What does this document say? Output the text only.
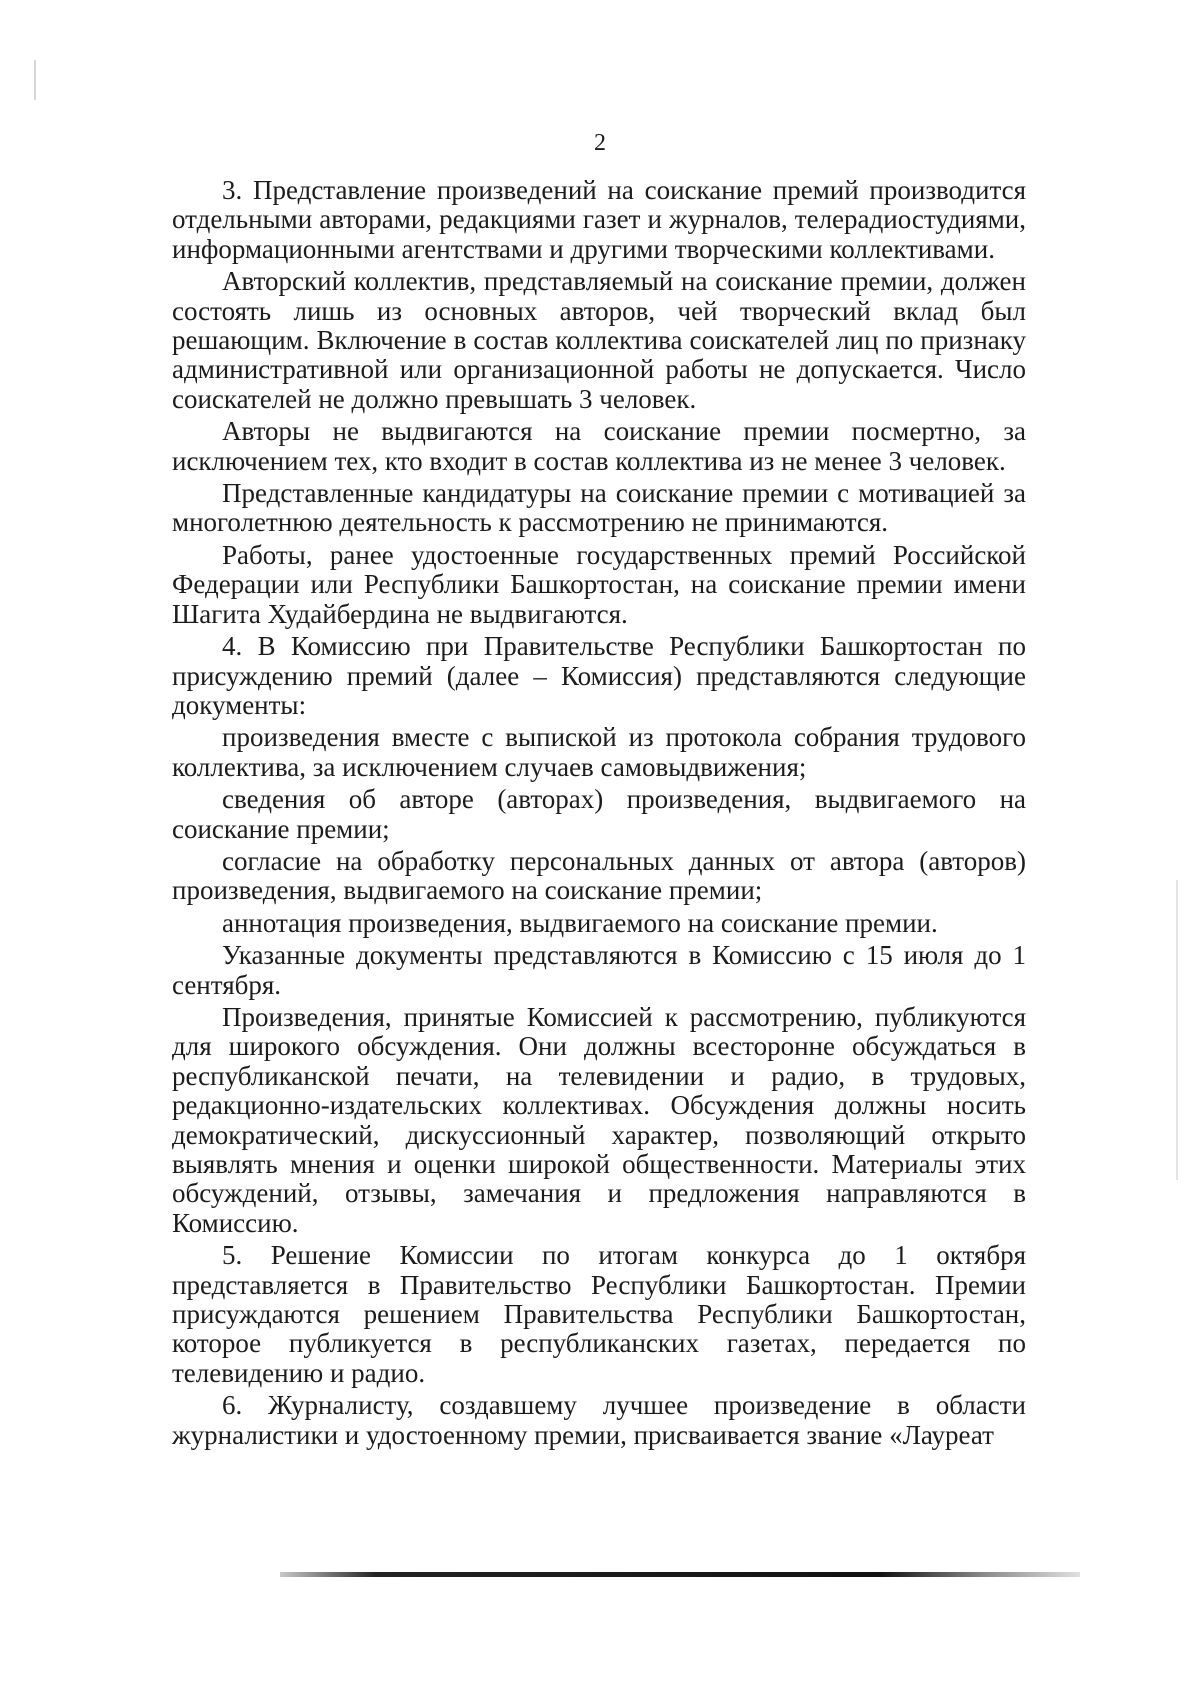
2

3. Представление произведений на соискание премий производится отдельными авторами, редакциями газет и журналов, телерадиостудиями, информационными агентствами и другими творческими коллективами.

Авторский коллектив, представляемый на соискание премии, должен состоять лишь из основных авторов, чей творческий вклад был решающим. Включение в состав коллектива соискателей лиц по признаку административной или организационной работы не допускается. Число соискателей не должно превышать 3 человек.

Авторы не выдвигаются на соискание премии посмертно, за исключением тех, кто входит в состав коллектива из не менее 3 человек.

Представленные кандидатуры на соискание премии с мотивацией за многолетнюю деятельность к рассмотрению не принимаются.

Работы, ранее удостоенные государственных премий Российской Федерации или Республики Башкортостан, на соискание премии имени Шагита Худайбердина не выдвигаются.

4. В Комиссию при Правительстве Республики Башкортостан по присуждению премий (далее – Комиссия) представляются следующие документы:

произведения вместе с выпиской из протокола собрания трудового коллектива, за исключением случаев самовыдвижения;

сведения об авторе (авторах) произведения, выдвигаемого на соискание премии;

согласие на обработку персональных данных от автора (авторов) произведения, выдвигаемого на соискание премии;

аннотация произведения, выдвигаемого на соискание премии.

Указанные документы представляются в Комиссию с 15 июля до 1 сентября.

Произведения, принятые Комиссией к рассмотрению, публикуются для широкого обсуждения. Они должны всесторонне обсуждаться в республиканской печати, на телевидении и радио, в трудовых, редакционно-издательских коллективах. Обсуждения должны носить демократический, дискуссионный характер, позволяющий открыто выявлять мнения и оценки широкой общественности. Материалы этих обсуждений, отзывы, замечания и предложения направляются в Комиссию.

5. Решение Комиссии по итогам конкурса до 1 октября представляется в Правительство Республики Башкортостан. Премии присуждаются решением Правительства Республики Башкортостан, которое публикуется в республиканских газетах, передается по телевидению и радио.

6. Журналисту, создавшему лучшее произведение в области журналистики и удостоенному премии, присваивается звание «Лауреат
